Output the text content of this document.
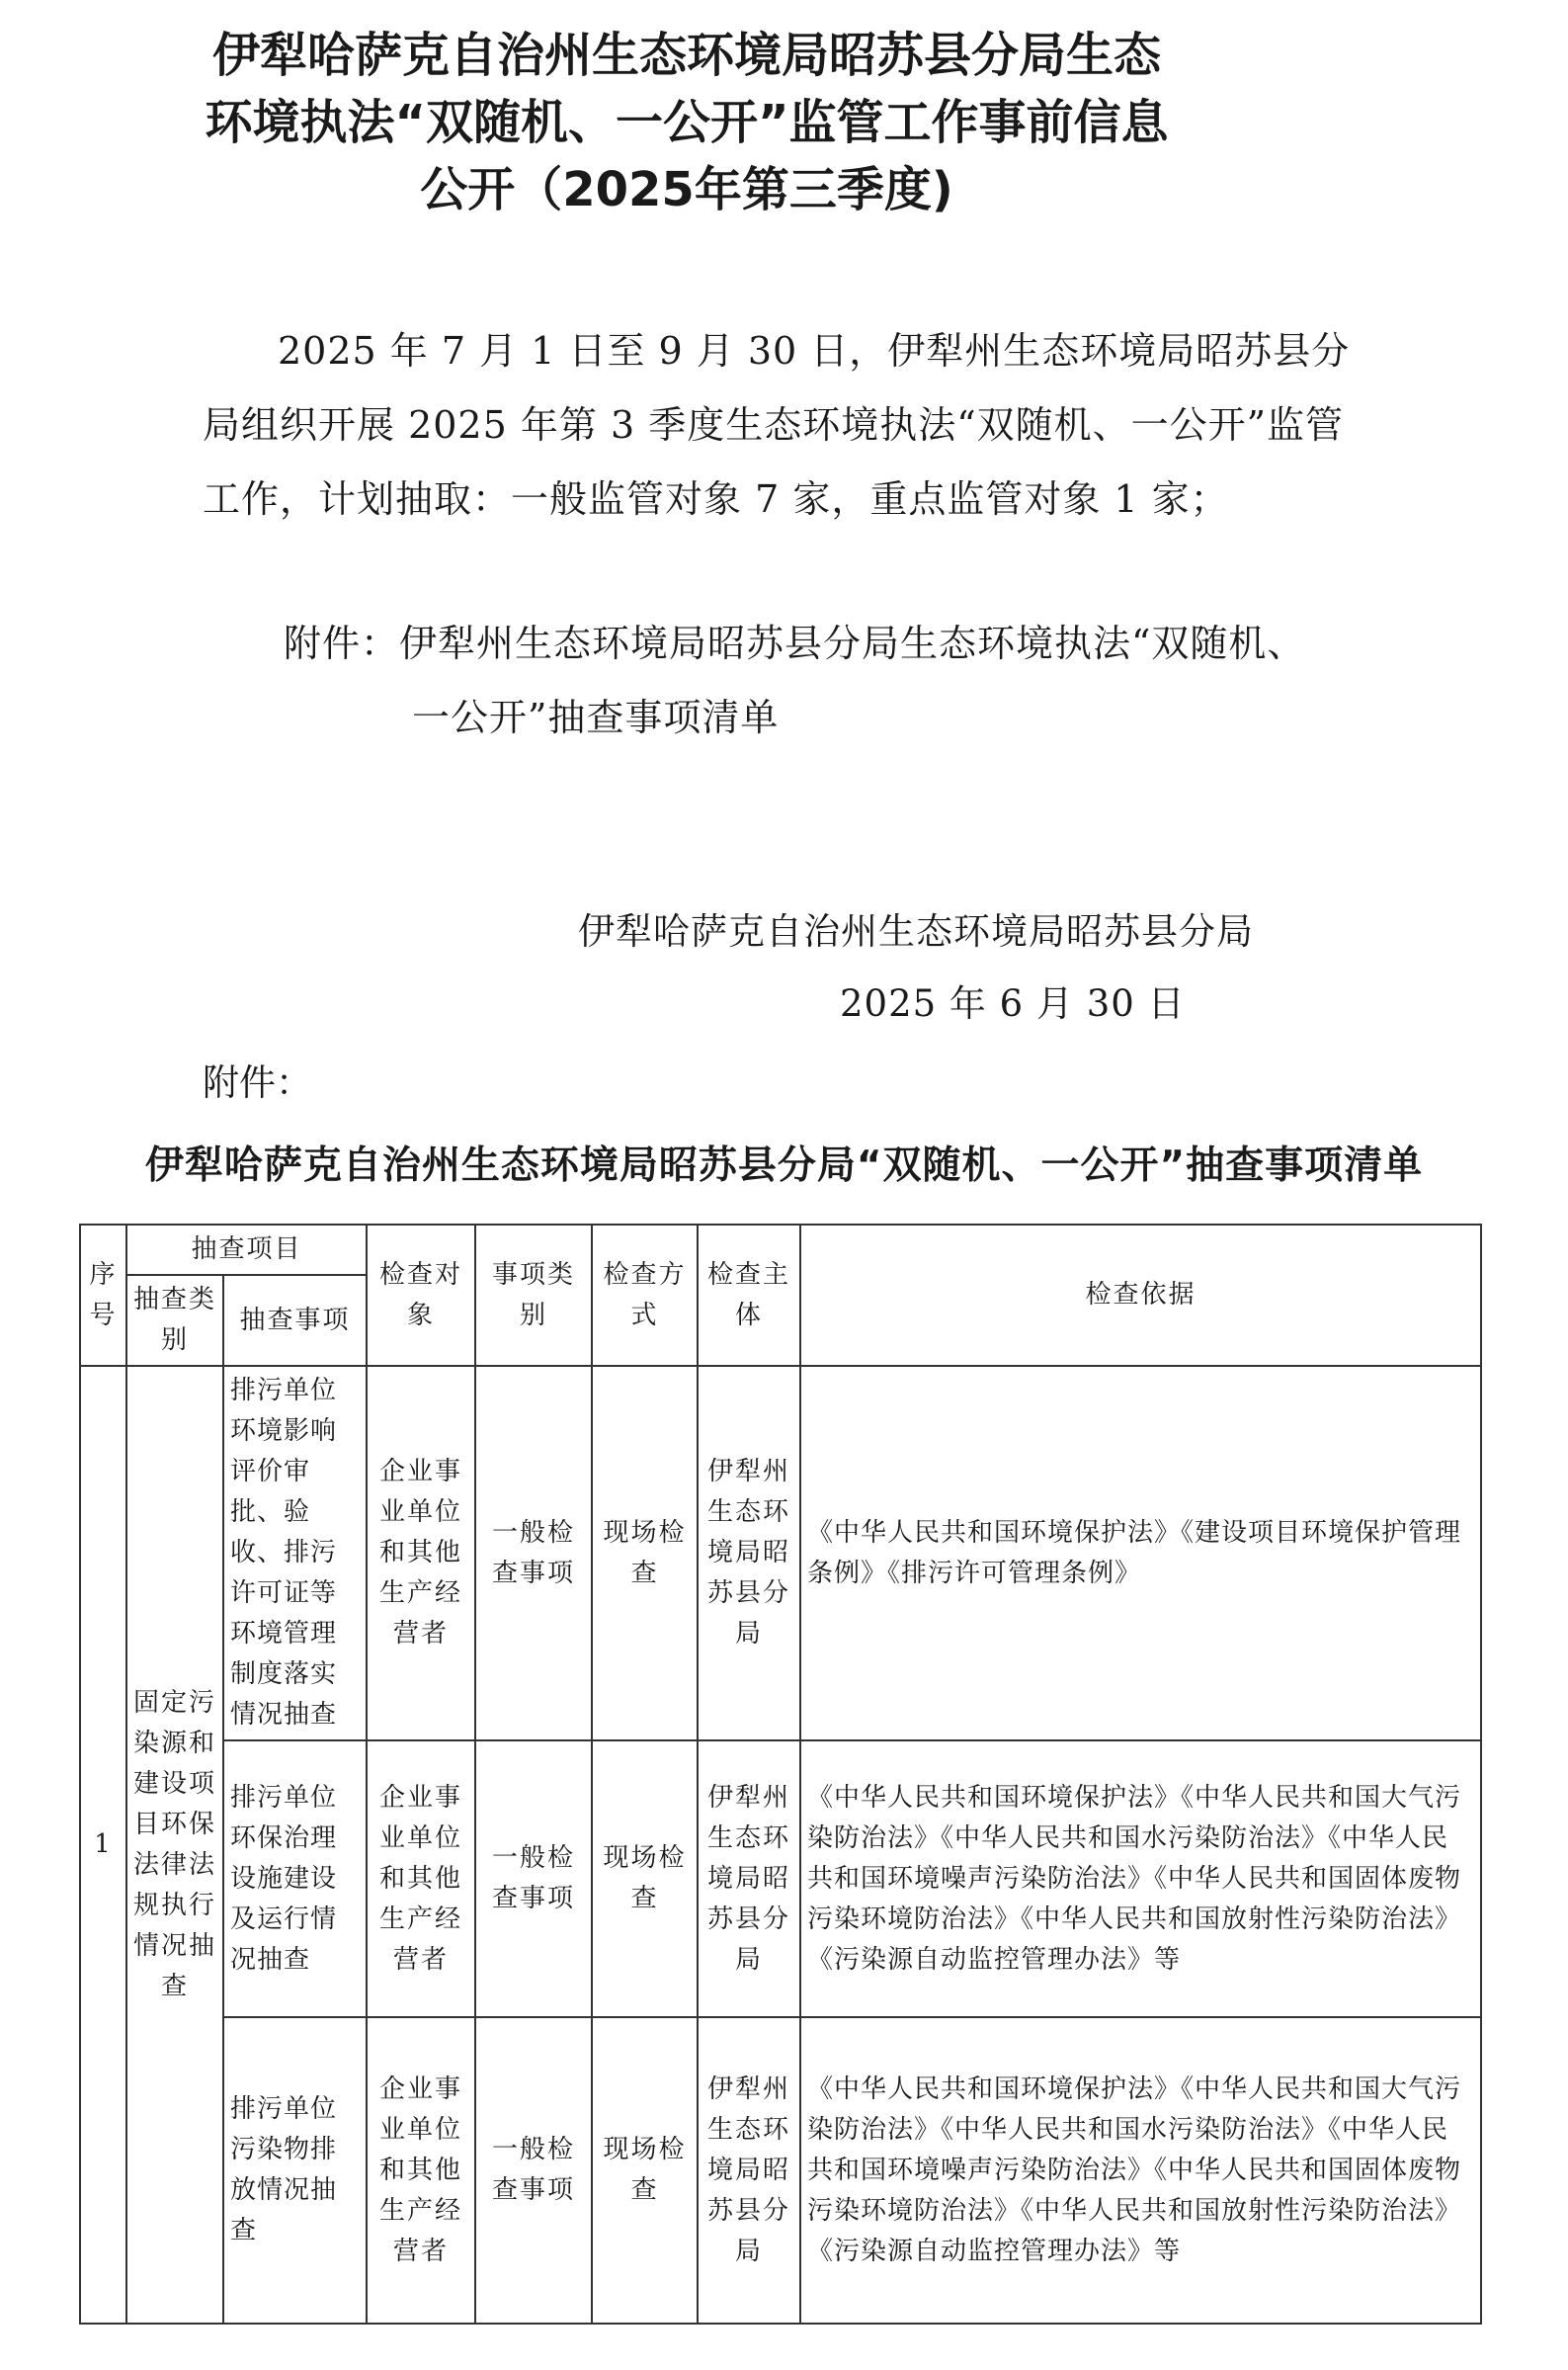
伊犁哈萨克自治州生态环境局昭苏县分局生态
环境执法“双随机、一公开”监管工作事前信息
公开（2025年第三季度)

2025 年 7 月 1 日至 9 月 30 日，伊犁州生态环境局昭苏县分局组织开展 2025 年第 3 季度生态环境执法“双随机、一公开”监管工作，计划抽取：一般监管对象 7 家，重点监管对象 1 家；

附件：伊犁州生态环境局昭苏县分局生态环境执法“双随机、
一公开”抽查事项清单

伊犁哈萨克自治州生态环境局昭苏县分局

2025 年 6 月 30 日

附件：

伊犁哈萨克自治州生态环境局昭苏县分局“双随机、一公开”抽查事项清单
序号	抽查项目		检查对象	事项类别	检查方式	检查主体	检查依据
	抽查类别	抽查事项					
1	固定污染源和建设项目环保法律法规执行情况抽查	排污单位环境影响评价审批、验收、排污许可证等环境管理制度落实情况抽查	企业事业单位和其他生产经营者	一般检查事项	现场检查	伊犁州生态环境局昭苏县分局	《中华人民共和国环境保护法》《建设项目环境保护管理条例》《排污许可管理条例》
		排污单位环保治理设施建设及运行情况抽查	企业事业单位和其他生产经营者	一般检查事项	现场检查	伊犁州生态环境局昭苏县分局	《中华人民共和国环境保护法》《中华人民共和国大气污染防治法》《中华人民共和国水污染防治法》《中华人民共和国环境噪声污染防治法》《中华人民共和国固体废物污染环境防治法》《中华人民共和国放射性污染防治法》《污染源自动监控管理办法》等
		排污单位污染物排放情况抽查	企业事业单位和其他生产经营者	一般检查事项	现场检查	伊犁州生态环境局昭苏县分局	《中华人民共和国环境保护法》《中华人民共和国大气污染防治法》《中华人民共和国水污染防治法》《中华人民共和国环境噪声污染防治法》《中华人民共和国固体废物污染环境防治法》《中华人民共和国放射性污染防治法》《污染源自动监控管理办法》等
